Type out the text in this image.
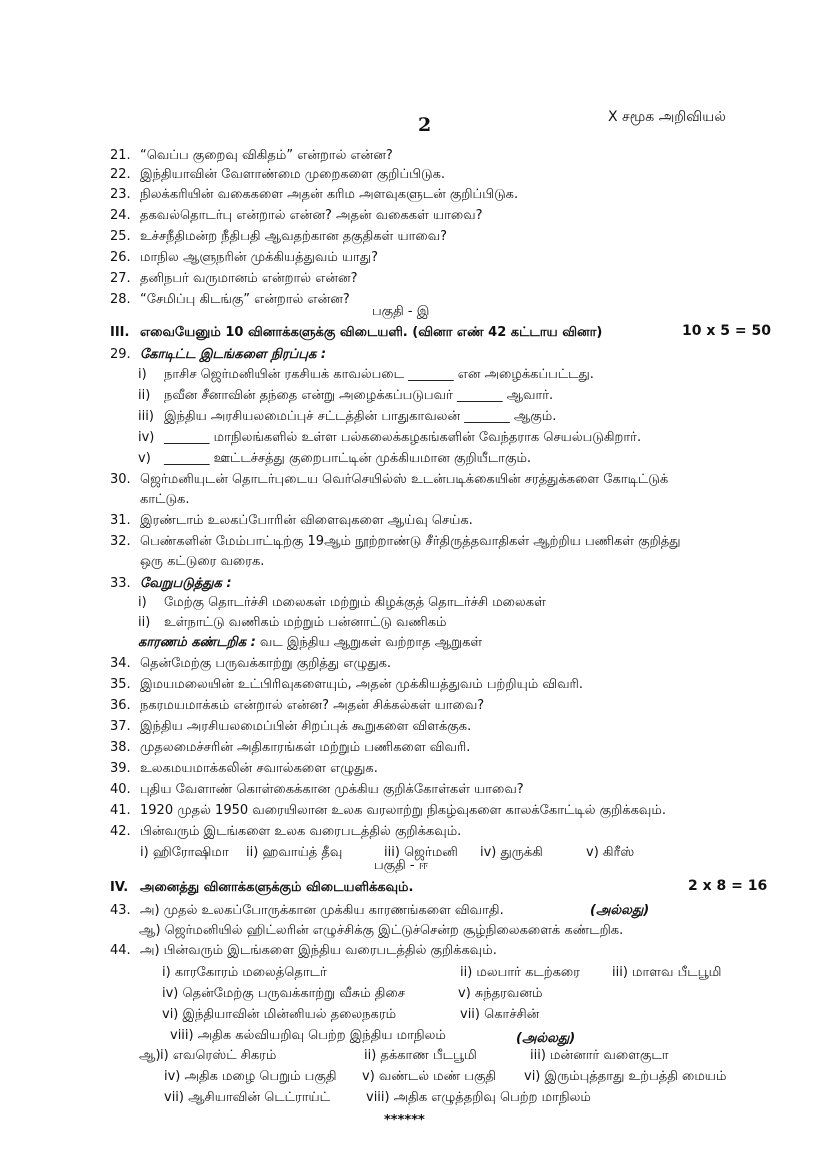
2	X சமூக அறிவியல்
21. “வெப்ப குறைவு விகிதம்” என்றால் என்ன?
22. இந்தியாவின் வேளாண்மை முறைகளை குறிப்பிடுக.
23. நிலக்கரியின் வகைகளை அதன் கரிம அளவுகளுடன் குறிப்பிடுக.
24. தகவல்தொடர்பு என்றால் என்ன? அதன் வகைகள் யாவை?
25. உச்சநீதிமன்ற நீதிபதி ஆவதற்கான தகுதிகள் யாவை?
26. மாநில ஆளுநரின் முக்கியத்துவம் யாது?
27. தனிநபர் வருமானம் என்றால் என்ன?
28. “சேமிப்பு கிடங்கு” என்றால் என்ன?
பகுதி - இ
III. எவையேனும் 10 வினாக்களுக்கு விடையளி. (வினா எண் 42 கட்டாய வினா)	10 x 5 = 50
29. கோடிட்ட இடங்களை நிரப்புக :
i) நாசிச ஜெர்மனியின் ரகசியக் காவல்படை _______ என அழைக்கப்பட்டது.
ii) நவீன சீனாவின் தந்தை என்று அழைக்கப்படுபவர் _______ ஆவார்.
iii) இந்திய அரசியலமைப்புச் சட்டத்தின் பாதுகாவலன் _______ ஆகும்.
iv) _______ மாநிலங்களில் உள்ள பல்கலைக்கழகங்களின் வேந்தராக செயல்படுகிறார்.
v) _______ ஊட்டச்சத்து குறைபாட்டின் முக்கியமான குறியீடாகும்.
30. ஜெர்மனியுடன் தொடர்புடைய வெர்செயில்ஸ் உடன்படிக்கையின் சரத்துக்களை கோடிட்டுக்
காட்டுக.
31. இரண்டாம் உலகப்போரின் விளைவுகளை ஆய்வு செய்க.
32. பெண்களின் மேம்பாட்டிற்கு 19ஆம் நூற்றாண்டு சீர்திருத்தவாதிகள் ஆற்றிய பணிகள் குறித்து
ஒரு கட்டுரை வரைக.
33. வேறுபடுத்துக :
i) மேற்கு தொடர்ச்சி மலைகள் மற்றும் கிழக்குத் தொடர்ச்சி மலைகள்
ii) உள்நாட்டு வணிகம் மற்றும் பன்னாட்டு வணிகம்
காரணம் கண்டறிக : வட இந்திய ஆறுகள் வற்றாத ஆறுகள்
34. தென்மேற்கு பருவக்காற்று குறித்து எழுதுக.
35. இமயமலையின் உட்பிரிவுகளையும், அதன் முக்கியத்துவம் பற்றியும் விவரி.
36. நகரமயமாக்கம் என்றால் என்ன? அதன் சிக்கல்கள் யாவை?
37. இந்திய அரசியலமைப்பின் சிறப்புக் கூறுகளை விளக்குக.
38. முதலமைச்சரின் அதிகாரங்கள் மற்றும் பணிகளை விவரி.
39. உலகமயமாக்கலின் சவால்களை எழுதுக.
40. புதிய வேளாண் கொள்கைக்கான முக்கிய குறிக்கோள்கள் யாவை?
41. 1920 முதல் 1950 வரையிலான உலக வரலாற்று நிகழ்வுகளை காலக்கோட்டில் குறிக்கவும்.
42. பின்வரும் இடங்களை உலக வரைபடத்தில் குறிக்கவும்.
i) ஹிரோஷிமா ii) ஹவாய்த் தீவு	iii) ஜெர்மனி iv) துருக்கி	v) கிரீஸ்
பகுதி - ஈ
IV. அனைத்து வினாக்களுக்கும் விடையளிக்கவும்.	2 x 8 = 16
43. அ) முதல் உலகப்போருக்கான முக்கிய காரணங்களை விவாதி.	(அல்லது)
ஆ) ஜெர்மனியில் ஹிட்லரின் எழுச்சிக்கு இட்டுச்சென்ற சூழ்நிலைகளைக் கண்டறிக.
44. அ) பின்வரும் இடங்களை இந்திய வரைபடத்தில் குறிக்கவும்.
i) காரகோரம் மலைத்தொடர்	ii) மலபார் கடற்கரை iii) மாளவ பீடபூமி
iv) தென்மேற்கு பருவக்காற்று வீசும் திசை	v) சுந்தரவனம்
vi) இந்தியாவின் மின்னியல் தலைநகரம்	vii) கொச்சின்
viii) அதிக கல்வியறிவு பெற்ற இந்திய மாநிலம்	(அல்லது)
ஆ) i) எவரெஸ்ட் சிகரம்	ii) தக்காண பீடபூமி	iii) மன்னார் வளைகுடா
iv) அதிக மழை பெறும் பகுதி v) வண்டல் மண் பகுதி vi) இரும்புத்தாது உற்பத்தி மையம்
vii) ஆசியாவின் டெட்ராய்ட்	viii) அதிக எழுத்தறிவு பெற்ற மாநிலம்
******
